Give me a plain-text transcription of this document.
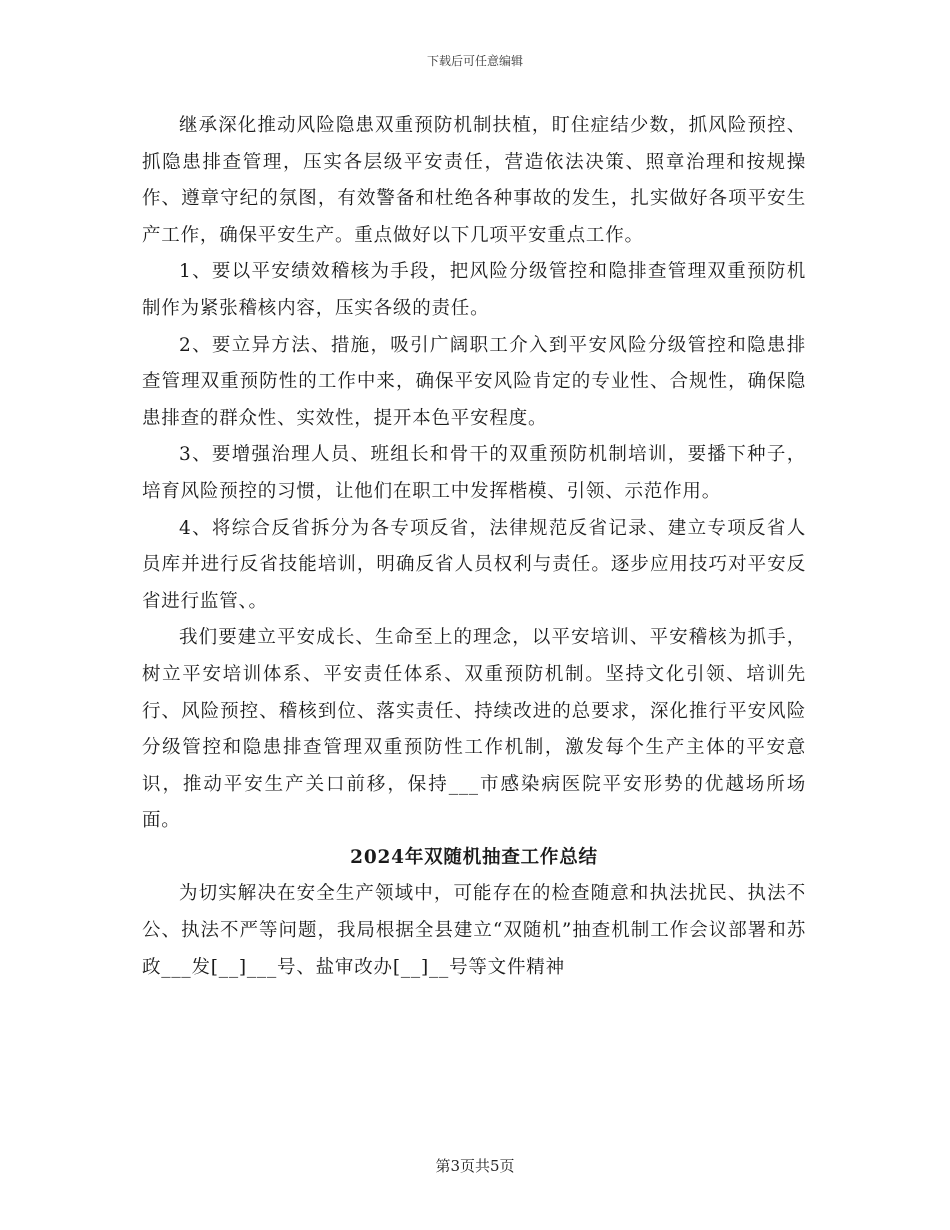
下载后可任意编辑

继承深化推动风险隐患双重预防机制扶植，盯住症结少数，抓风险预控、抓隐患排查管理，压实各层级平安责任，营造依法决策、照章治理和按规操作、遵章守纪的氛图，有效警备和杜绝各种事故的发生，扎实做好各项平安生产工作，确保平安生产。重点做好以下几项平安重点工作。

1、要以平安绩效稽核为手段，把风险分级管控和隐排查管理双重预防机制作为紧张稽核内容，压实各级的责任。

2、要立异方法、措施，吸引广阔职工介入到平安风险分级管控和隐患排查管理双重预防性的工作中来，确保平安风险肯定的专业性、合规性，确保隐患排查的群众性、实效性，提开本色平安程度。

3、要增强治理人员、班组长和骨干的双重预防机制培训，要播下种子，培育风险预控的习惯，让他们在职工中发挥楷模、引领、示范作用。

4、将综合反省拆分为各专项反省，法律规范反省记录、建立专项反省人员库并进行反省技能培训，明确反省人员权利与责任。逐步应用技巧对平安反省进行监管、。

我们要建立平安成长、生命至上的理念，以平安培训、平安稽核为抓手，树立平安培训体系、平安责任体系、双重预防机制。坚持文化引领、培训先行、风险预控、稽核到位、落实责任、持续改进的总要求，深化推行平安风险分级管控和隐患排查管理双重预防性工作机制，激发每个生产主体的平安意识，推动平安生产关口前移，保持___市感染病医院平安形势的优越场所场面。

2024年双随机抽查工作总结

为切实解决在安全生产领域中，可能存在的检查随意和执法扰民、执法不公、执法不严等问题，我局根据全县建立“双随机”抽查机制工作会议部署和苏政___发[__]___号、盐审改办[__]__号等文件精神

第3页共5页
